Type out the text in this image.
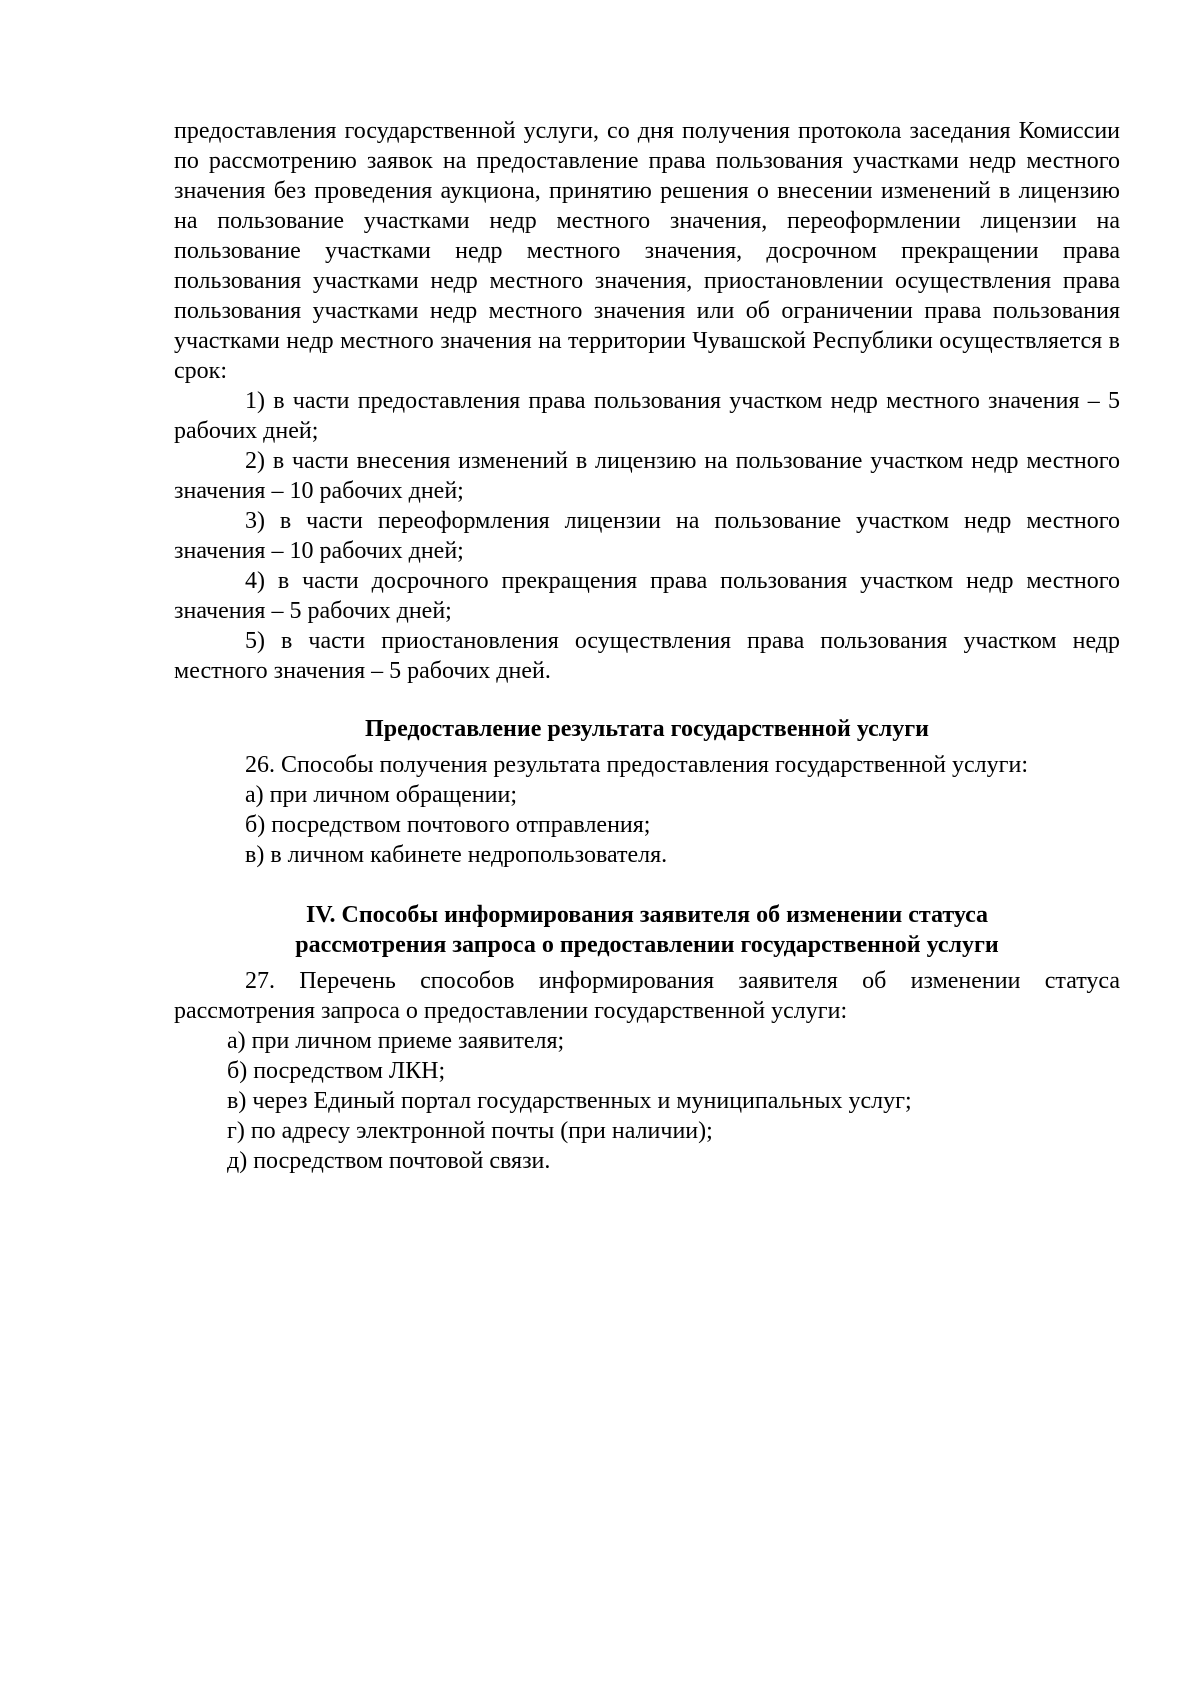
предоставления государственной услуги, со дня получения протокола заседания Комиссии по рассмотрению заявок на предоставление права пользования участками недр местного значения без проведения аукциона, принятию решения о внесении изменений в лицензию на пользование участками недр местного значения, переоформлении лицензии на пользование участками недр местного значения, досрочном прекращении права пользования участками недр местного значения, приостановлении осуществления права пользования участками недр местного значения или об ограничении права пользования участками недр местного значения на территории Чувашской Республики осуществляется в срок:

1) в части предоставления права пользования участком недр местного значения – 5 рабочих дней;

2) в части внесения изменений в лицензию на пользование участком недр местного значения – 10 рабочих дней;

3) в части переоформления лицензии на пользование участком недр местного значения – 10 рабочих дней;

4) в части досрочного прекращения права пользования участком недр местного значения – 5 рабочих дней;

5) в части приостановления осуществления права пользования участком недр местного значения – 5 рабочих дней.

Предоставление результата государственной услуги

26. Способы получения результата предоставления государственной услуги:

а) при личном обращении;

б) посредством почтового отправления;

в) в личном кабинете недропользователя.

IV. Способы информирования заявителя об изменении статуса

рассмотрения запроса о предоставлении государственной услуги

27. Перечень способов информирования заявителя об изменении статуса рассмотрения запроса о предоставлении государственной услуги:

а) при личном приеме заявителя;

б) посредством ЛКН;

в) через Единый портал государственных и муниципальных услуг;

г) по адресу электронной почты (при наличии);

д) посредством почтовой связи.
